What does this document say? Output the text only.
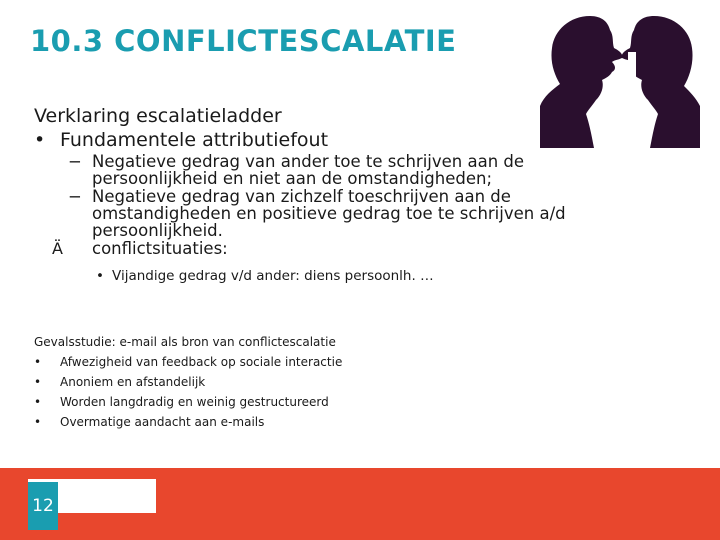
10.3 CONFLICTESCALATIE
Verklaring escalatieladder
• Fundamentele attributiefout
− Negatieve gedrag van ander toe te schrijven aan de persoonlijkheid en niet aan de omstandigheden;
− Negatieve gedrag van zichzelf toeschrijven aan de omstandigheden en positieve gedrag toe te schrijven a/d persoonlijkheid.
Ä conflictsituaties:
• Vijandige gedrag v/d ander: diens persoonlh. …
Gevalsstudie: e-mail als bron van conflictescalatie
• Afwezigheid van feedback op sociale interactie
• Anoniem en afstandelijk
• Worden langdradig en weinig gestructureerd
• Overmatige aandacht aan e-mails
12
